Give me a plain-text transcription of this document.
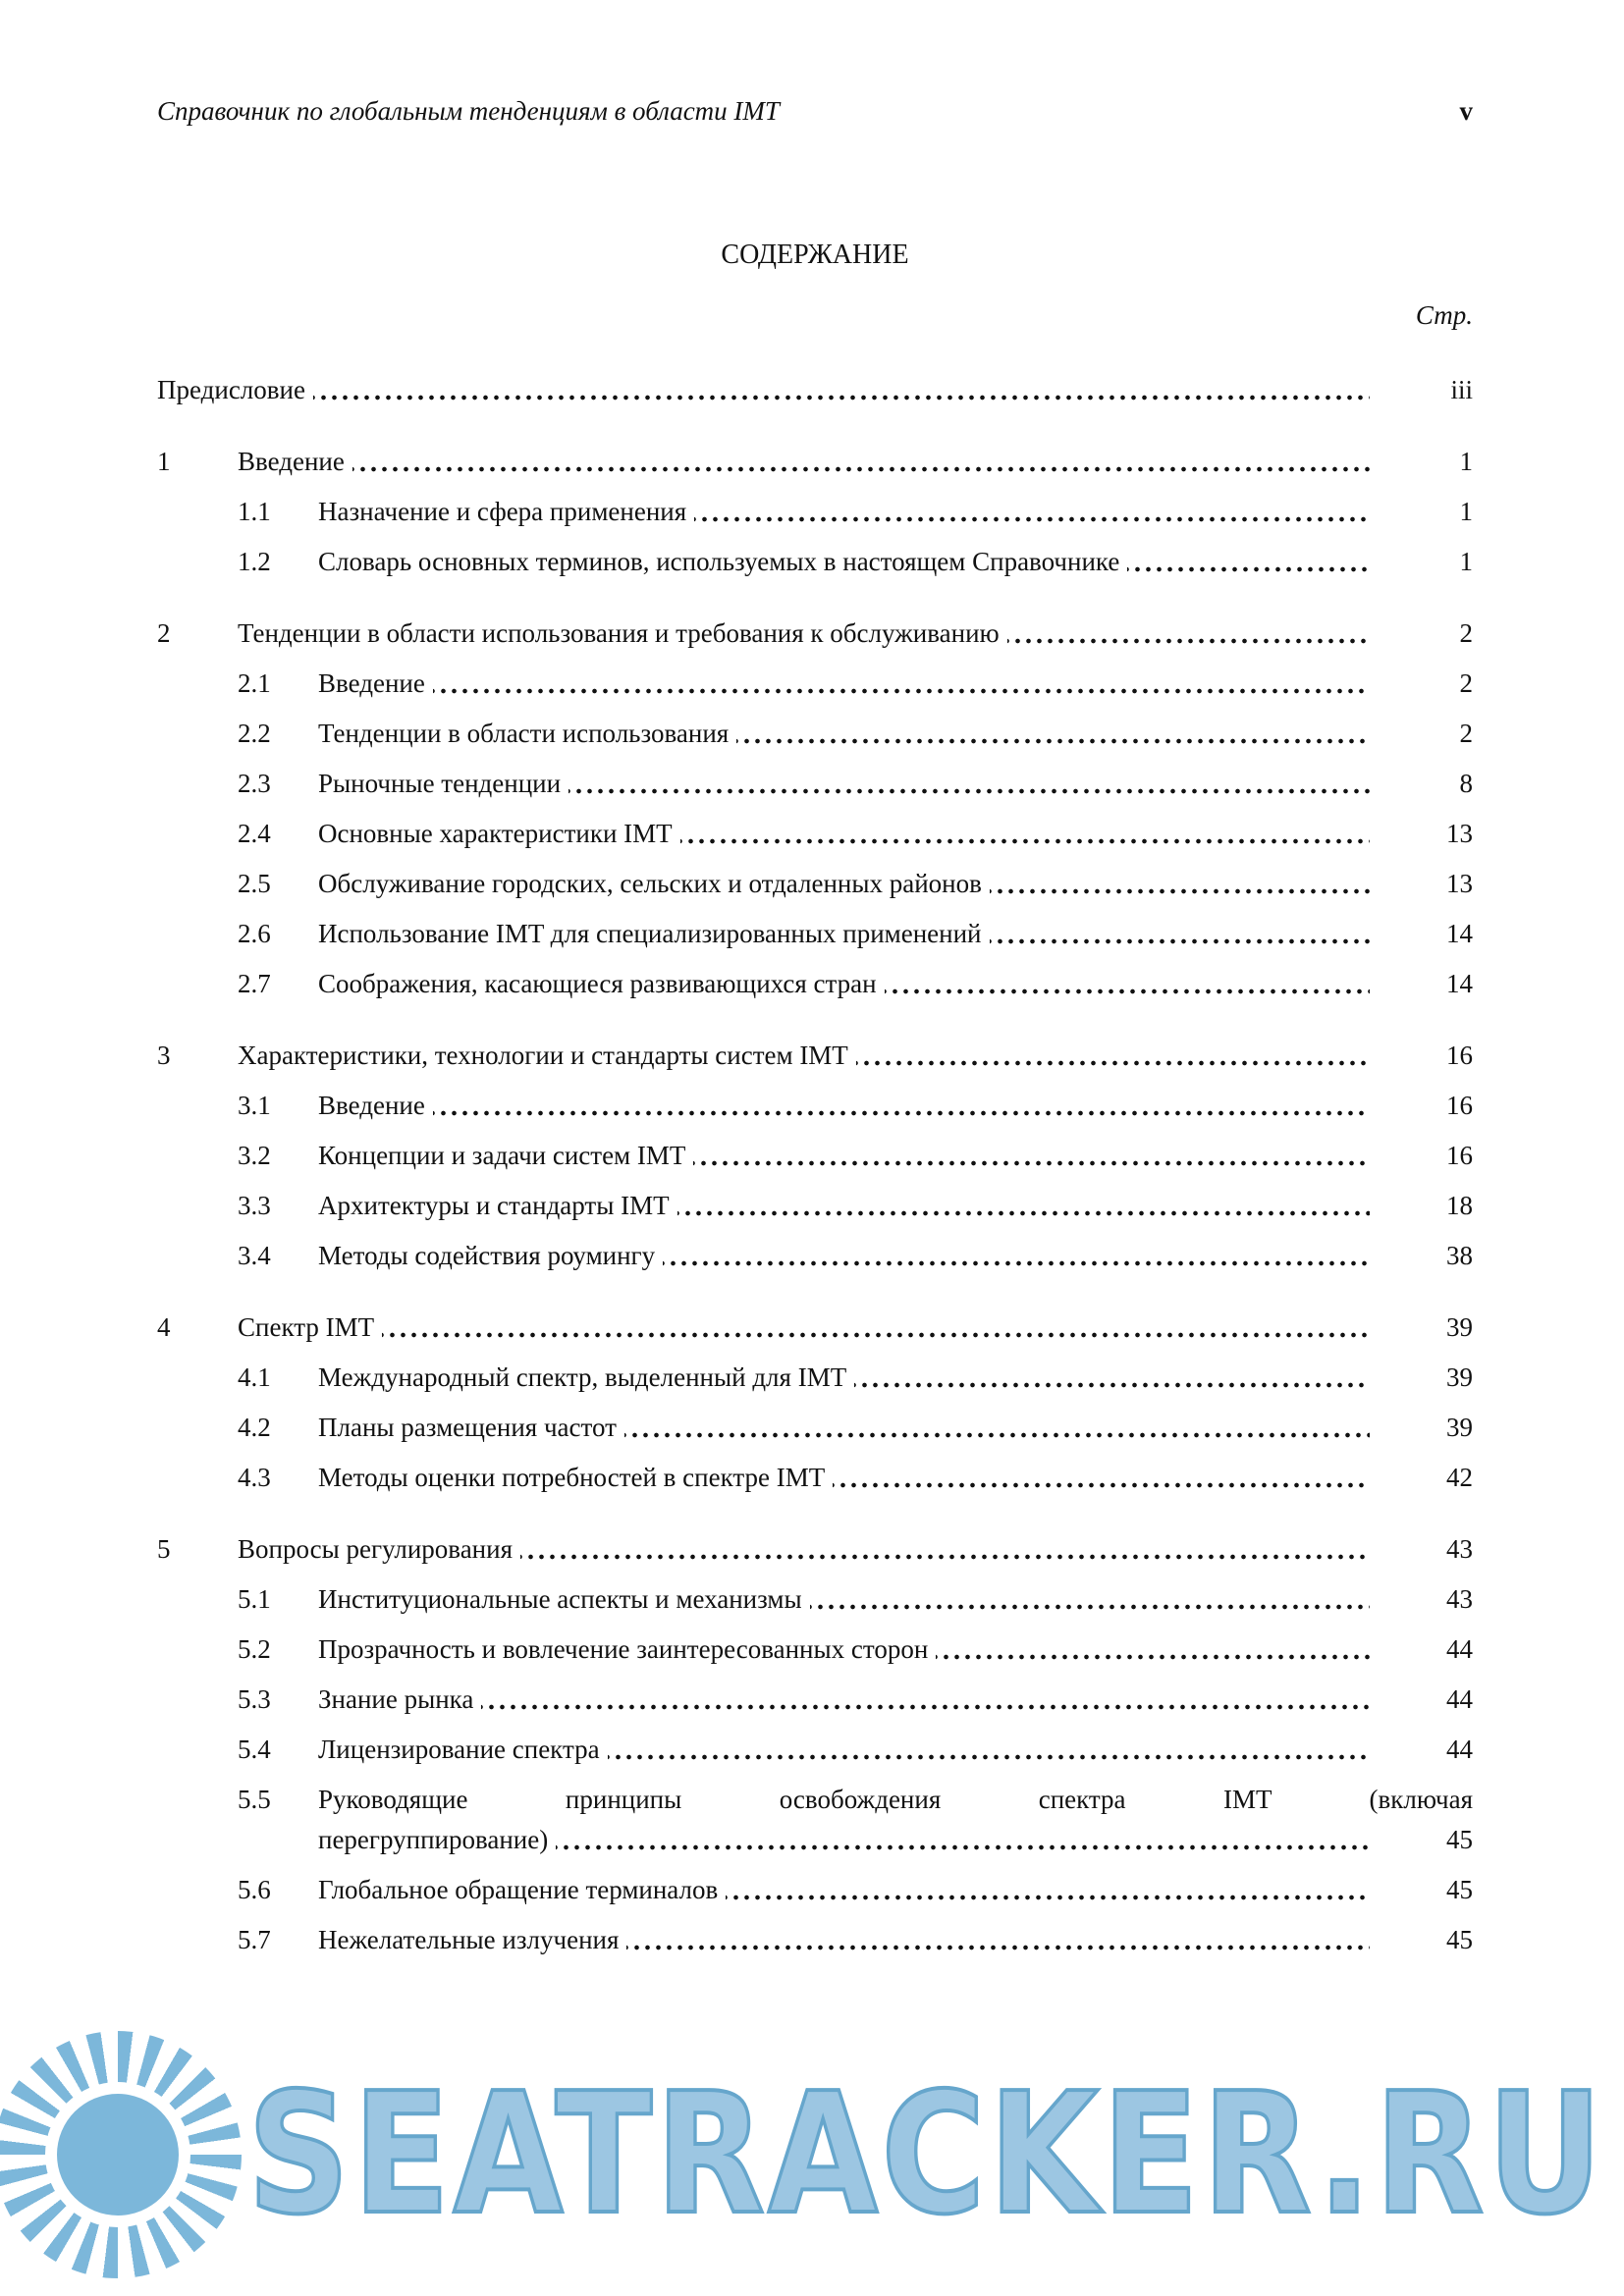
Справочник по глобальным тенденциям в области IMT	v
СОДЕРЖАНИЕ
Стр.
Предисловие	iii
1	Введение	1
1.1	Назначение и сфера применения	1
1.2	Словарь основных терминов, используемых в настоящем Справочнике	1
2	Тенденции в области использования и требования к обслуживанию	2
2.1	Введение	2
2.2	Тенденции в области использования	2
2.3	Рыночные тенденции	8
2.4	Основные характеристики IMT	13
2.5	Обслуживание городских, сельских и отдаленных районов	13
2.6	Использование IMT для специализированных применений	14
2.7	Соображения, касающиеся развивающихся стран	14
3	Характеристики, технологии и стандарты систем IMT	16
3.1	Введение	16
3.2	Концепции и задачи систем IMT	16
3.3	Архитектуры и стандарты IMT	18
3.4	Методы содействия роумингу	38
4	Спектр IMT	39
4.1	Международный спектр, выделенный для IMT	39
4.2	Планы размещения частот	39
4.3	Методы оценки потребностей в спектре IMT	42
5	Вопросы регулирования	43
5.1	Институциональные аспекты и механизмы	43
5.2	Прозрачность и вовлечение заинтересованных сторон	44
5.3	Знание рынка	44
5.4	Лицензирование спектра	44
5.5	Руководящие принципы освобождения спектра IMT (включая
перегруппирование)	45
5.6	Глобальное обращение терминалов	45
5.7	Нежелательные излучения	45
SEATRACKER.RU
